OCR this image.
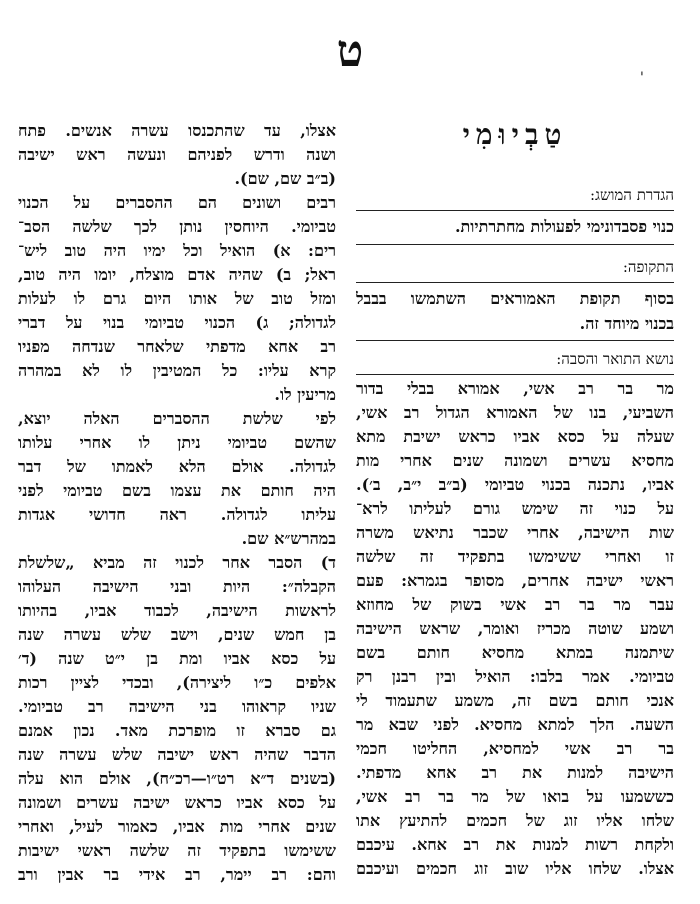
ט
'
טַבְיוּמִי
הגדרת המושג:
כנוי פסבדונימי לפעולות מחתרתיות.
התקופה:
בסוף תקופת האמוראים השתמשו בבבל
בכנוי מיוחד זה.
נושא התואר והסבה:
מר בר רב אשי, אמורא בבלי בדור
השביעי, בנו של האמורא הגדול רב אשי,
שעלה על כסא אביו כראש ישיבת מתא
מחסיא עשרים ושמונה שנים אחרי מות
אביו, נתכנה בכנוי טביומי (ב״ב י״ב, ב׳).
על כנוי זה שימש גורם לעליתו לרא־
שות הישיבה, אחרי שכבר נתיאש משרה
זו ואחרי ששימשו בתפקיד זה שלשה
ראשי ישיבה אחרים, מסופר בגמרא: פעם
עבר מר בר רב אשי בשוק של מחוזא
ושמע שוטה מכריז ואומר, שראש הישיבה
שיתמנה במתא מחסיא חותם בשם
טביומי. אמר בלבו: הואיל ובין רבנן רק
אנכי חותם בשם זה, משמע שתעמוד לי
השעה. הלך למתא מחסיא. לפני שבא מר
בר רב אשי למחסיא, החליטו חכמי
הישיבה למנות את רב אחא מדפתי.
כששמעו על בואו של מר בר רב אשי,
שלחו אליו זוג של חכמים להתיעץ אתו
ולקחת רשות למנות את רב אחא. עיכבם
אצלו. שלחו אליו שוב זוג חכמים ועיכבם
אצלו, עד שהתכנסו עשרה אנשים. פתח
ושנה ודרש לפניהם ונעשה ראש ישיבה
(ב״ב שם, שם).
רבים ושונים הם ההסברים על הכנוי
טביומי. היוחסין נותן לכך שלשה הסב־
רים: א) הואיל וכל ימיו היה טוב ליש־
ראל; ב) שהיה אדם מוצלח, יומו היה טוב,
ומזל טוב של אותו היום גרם לו לעלות
לגדולה; ג) הכנוי טביומי בנוי על דברי
רב אחא מדפתי שלאחר שנדחה מפניו
קרא עליו: כל המטיבין לו לא במהרה
מריעין לו.
לפי שלשת ההסברים האלה יוצא,
שהשם טביומי ניתן לו אחרי עלותו
לגדולה. אולם הלא לאמתו של דבר
היה חותם את עצמו בשם טביומי לפני
עליתו לגדולה. ראה חדושי אגדות
במהרש״א שם.
ד) הסבר אחר לכנוי זה מביא „שלשלת
הקבלה״: היות ובני הישיבה העלוהו
לראשות הישיבה, לכבוד אביו, בהיותו
בן חמש שנים, וישב שלש עשרה שנה
על כסא אביו ומת בן י״ט שנה (ד׳
אלפים כ״ו ליצירה), ובכדי לציין רכות
שניו קראוהו בני הישיבה רב טביומי.
גם סברא זו מופרכת מאד. נכון אמנם
הדבר שהיה ראש ישיבה שלש עשרה שנה
(בשנים ד״א רט״ו—רכ״ח), אולם הוא עלה
על כסא אביו כראש ישיבה עשרים ושמונה
שנים אחרי מות אביו, כאמור לעיל, ואחרי
ששימשו בתפקיד זה שלשה ראשי ישיבות
והם: רב יימר, רב אידי בר אבין ורב
